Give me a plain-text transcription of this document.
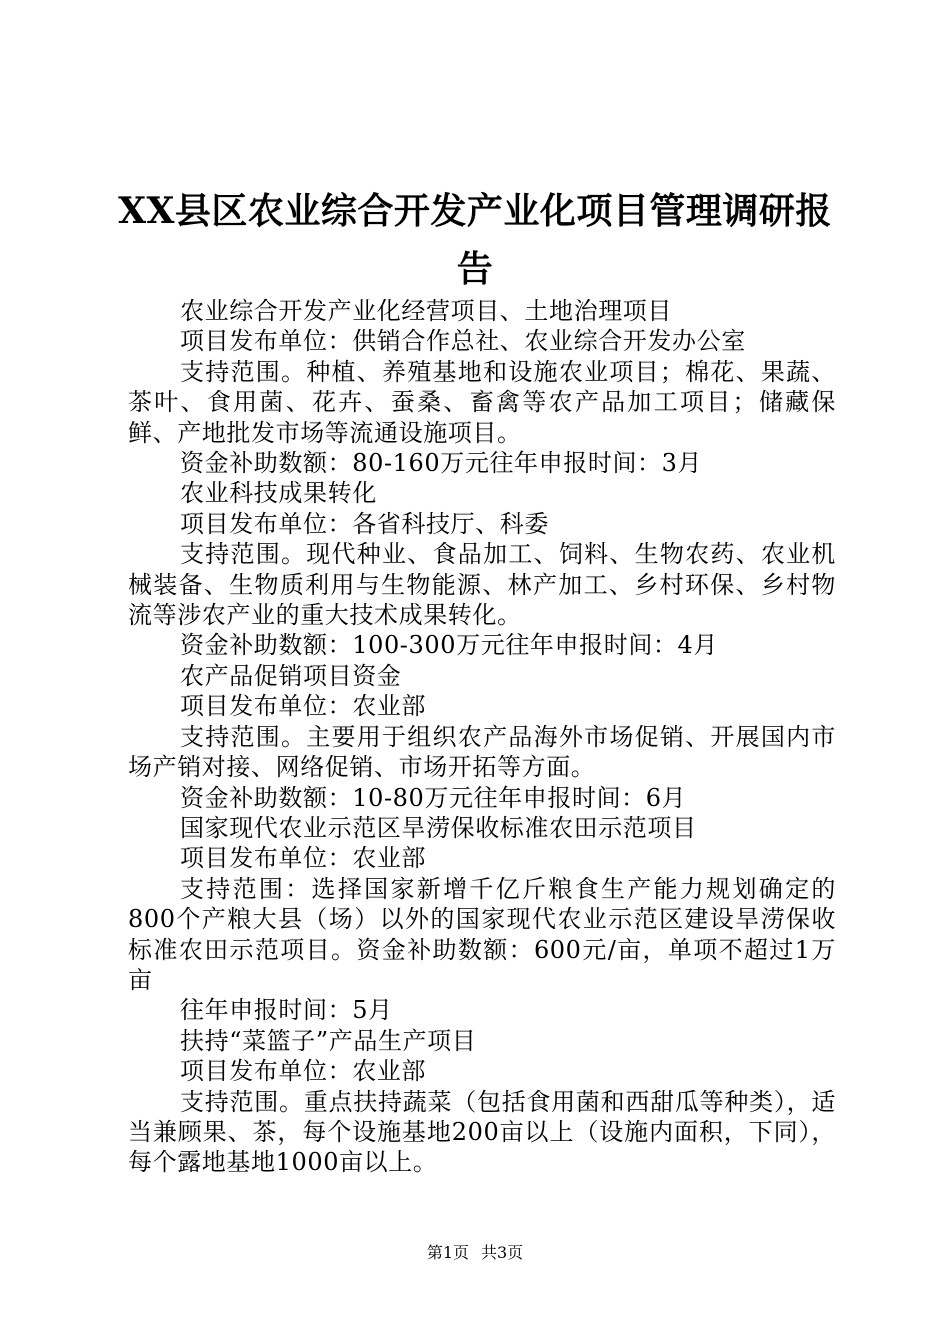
XX县区农业综合开发产业化项目管理调研报
告

农业综合开发产业化经营项目、土地治理项目

项目发布单位：供销合作总社、农业综合开发办公室

支持范围。种植、养殖基地和设施农业项目；棉花、果蔬、茶叶、食用菌、花卉、蚕桑、畜禽等农产品加工项目；储藏保鲜、产地批发市场等流通设施项目。

资金补助数额：80-160万元往年申报时间：3月

农业科技成果转化

项目发布单位：各省科技厅、科委

支持范围。现代种业、食品加工、饲料、生物农药、农业机械装备、生物质利用与生物能源、林产加工、乡村环保、乡村物流等涉农产业的重大技术成果转化。

资金补助数额：100-300万元往年申报时间：4月

农产品促销项目资金

项目发布单位：农业部

支持范围。主要用于组织农产品海外市场促销、开展国内市场产销对接、网络促销、市场开拓等方面。

资金补助数额：10-80万元往年申报时间：6月

国家现代农业示范区旱涝保收标准农田示范项目

项目发布单位：农业部

支持范围：选择国家新增千亿斤粮食生产能力规划确定的800个产粮大县（场）以外的国家现代农业示范区建设旱涝保收标准农田示范项目。资金补助数额：600元/亩，单项不超过1万亩

往年申报时间：5月

扶持“菜篮子”产品生产项目

项目发布单位：农业部

支持范围。重点扶持蔬菜（包括食用菌和西甜瓜等种类），适当兼顾果、茶，每个设施基地200亩以上（设施内面积，下同），每个露地基地1000亩以上。

第1页 共3页
